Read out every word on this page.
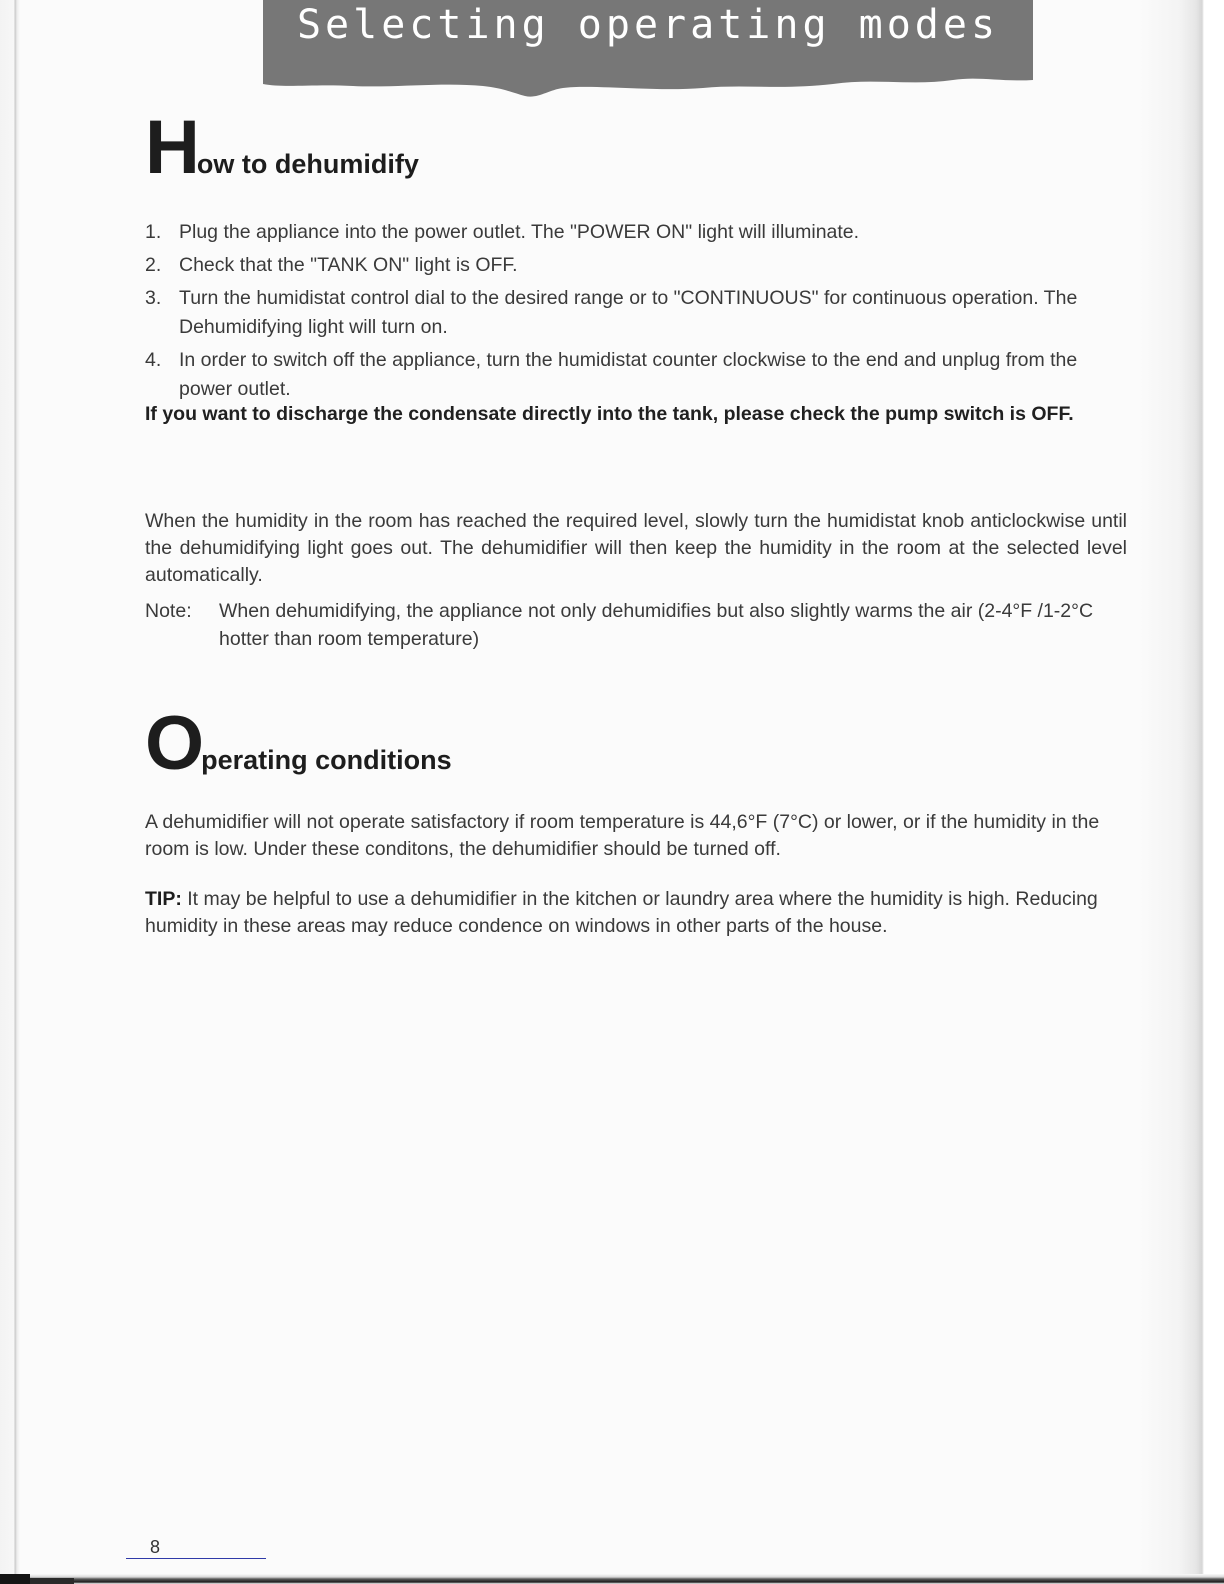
Selecting operating modes
How to dehumidify
1. Plug the appliance into the power outlet. The "POWER ON" light will illuminate.
2. Check that the "TANK ON" light is OFF.
3. Turn the humidistat control dial to the desired range or to "CONTINUOUS" for continuous operation. The Dehumidifying light will turn on.
4. In order to switch off the appliance, turn the humidistat counter clockwise to the end and unplug from the power outlet.
If you want to discharge the condensate directly into the tank, please check the pump switch is OFF.

When the humidity in the room has reached the required level, slowly turn the humidistat knob anticlockwise until the dehumidifying light goes out. The dehumidifier will then keep the humidity in the room at the selected level automatically.

Note: When dehumidifying, the appliance not only dehumidifies but also slightly warms the air (2-4°F /1-2°C hotter than room temperature)
Operating conditions

A dehumidifier will not operate satisfactory if room temperature is 44,6°F (7°C) or lower, or if the humidity in the room is low. Under these conditons, the dehumidifier should be turned off.

TIP: It may be helpful to use a dehumidifier in the kitchen or laundry area where the humidity is high. Reducing humidity in these areas may reduce condence on windows in other parts of the house.

8
